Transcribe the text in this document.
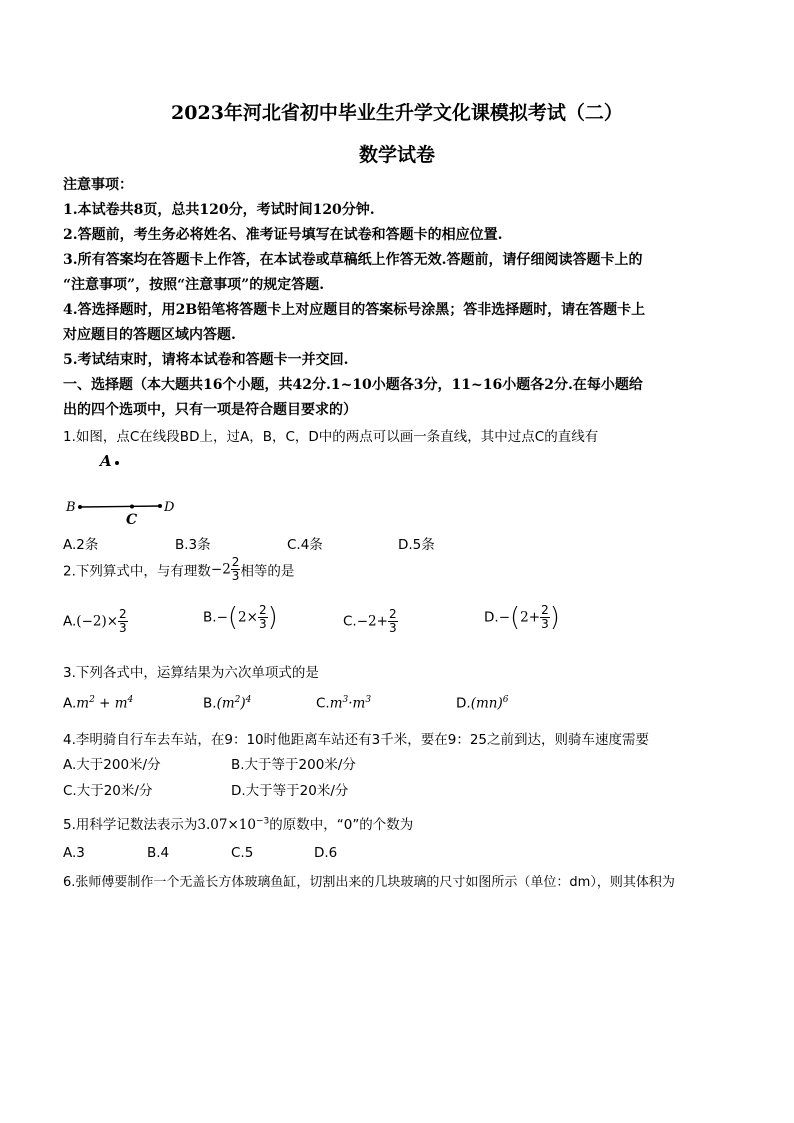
2023年河北省初中毕业生升学文化课模拟考试（二）
数学试卷
注意事项：
1.本试卷共8页，总共120分，考试时间120分钟.
2.答题前，考生务必将姓名、准考证号填写在试卷和答题卡的相应位置.
3.所有答案均在答题卡上作答，在本试卷或草稿纸上作答无效.答题前，请仔细阅读答题卡上的
“注意事项”，按照“注意事项”的规定答题.
4.答选择题时，用2B铅笔将答题卡上对应题目的答案标号涂黑；答非选择题时，请在答题卡上
对应题目的答题区域内答题.
5.考试结束时，请将本试卷和答题卡一并交回.
一、选择题（本大题共16个小题，共42分.1~10小题各3分，11~16小题各2分.在每小题给
出的四个选项中，只有一项是符合题目要求的）
1.如图，点C在线段BD上，过A，B，C，D中的两点可以画一条直线，其中过点C的直线有
A
B
C
D
A.2条	B.3条	C.4条	D.5条
2.下列算式中，与有理数$-2 \frac{2}{3}$ 相等的是
$A.(-2)\times \frac{2}{3}$	$B.-(2\times \frac{2}{3}$ )	$C.-2+ \frac{2}{3}$	$D.-(2+ \frac{2}{3}$ )
3.下列各式中，运算结果为六次单项式的是
$A.m^2 + m^4$	$B.(m^2)^4$	$C.m^3\cdot m^3$	D.(mn)$^6$
4.李明骑自行车去车站，在9：10时他距离车站还有3千米，要在9：25之前到达，则骑车速度需要
A.大于200米/分	B.大于等于200米/分
C.大于20米/分	D.大于等于20米/分
5.用科学记数法表示为$3.07\times 10^{-3}$的原数中，“0”的个数为
A.3	B.4	C.5	D.6
6.张师傅要制作一个无盖长方体玻璃鱼缸，切割出来的几块玻璃的尺寸如图所示（单位：dm），则其体积为
